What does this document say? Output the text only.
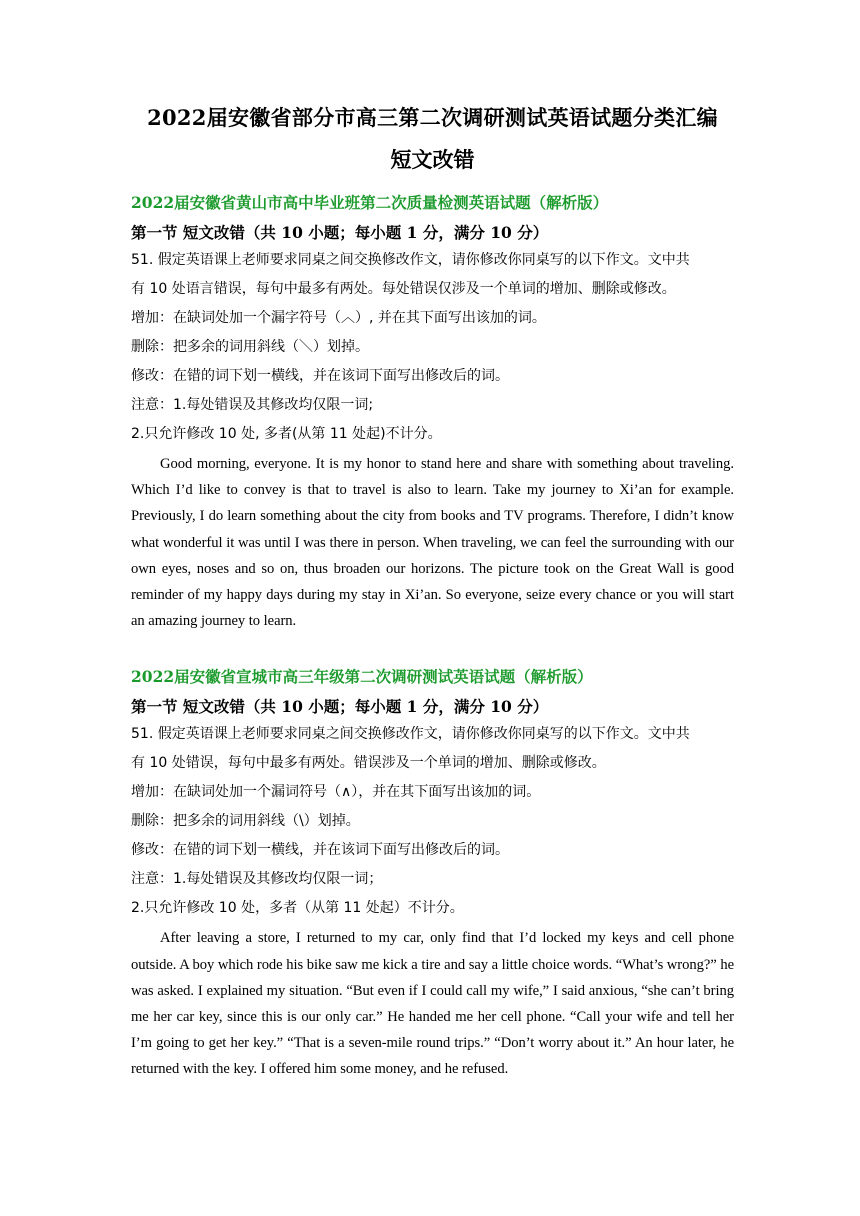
2022届安徽省部分市高三第二次调研测试英语试题分类汇编
短文改错

2022届安徽省黄山市高中毕业班第二次质量检测英语试题（解析版）

第一节 短文改错（共 10 小题；每小题 1 分，满分 10 分）

51. 假定英语课上老师要求同桌之间交换修改作文，请你修改你同桌写的以下作文。文中共

有 10 处语言错误，每句中最多有两处。每处错误仅涉及一个单词的增加、删除或修改。

增加：在缺词处加一个漏字符号（︿）, 并在其下面写出该加的词。

删除：把多余的词用斜线（＼）划掉。

修改：在错的词下划一横线，并在该词下面写出修改后的词。

注意：1.每处错误及其修改均仅限一词;

2.只允许修改 10 处, 多者(从第 11 处起)不计分。

Good morning, everyone. It is my honor to stand here and share with something about traveling. Which I’d like to convey is that to travel is also to learn. Take my journey to Xi’an for example. Previously, I do learn something about the city from books and TV programs. Therefore, I didn’t know what wonderful it was until I was there in person. When traveling, we can feel the surrounding with our own eyes, noses and so on, thus broaden our horizons. The picture took on the Great Wall is good reminder of my happy days during my stay in Xi’an. So everyone, seize every chance or you will start an amazing journey to learn.

2022届安徽省宣城市高三年级第二次调研测试英语试题（解析版）

第一节 短文改错（共 10 小题；每小题 1 分，满分 10 分）

51. 假定英语课上老师要求同桌之间交换修改作文，请你修改你同桌写的以下作文。文中共

有 10 处错误，每句中最多有两处。错误涉及一个单词的增加、删除或修改。

增加：在缺词处加一个漏词符号（∧），并在其下面写出该加的词。

删除：把多余的词用斜线（\）划掉。

修改：在错的词下划一横线，并在该词下面写出修改后的词。

注意：1.每处错误及其修改均仅限一词；

2.只允许修改 10 处，多者（从第 11 处起）不计分。

After leaving a store, I returned to my car, only find that I’d locked my keys and cell phone outside. A boy which rode his bike saw me kick a tire and say a little choice words. “What’s wrong?” he was asked. I explained my situation. “But even if I could call my wife,” I said anxious, “she can’t bring me her car key, since this is our only car.” He handed me her cell phone. “Call your wife and tell her I’m going to get her key.” “That is a seven-mile round trips.” “Don’t worry about it.” An hour later, he returned with the key. I offered him some money, and he refused.
